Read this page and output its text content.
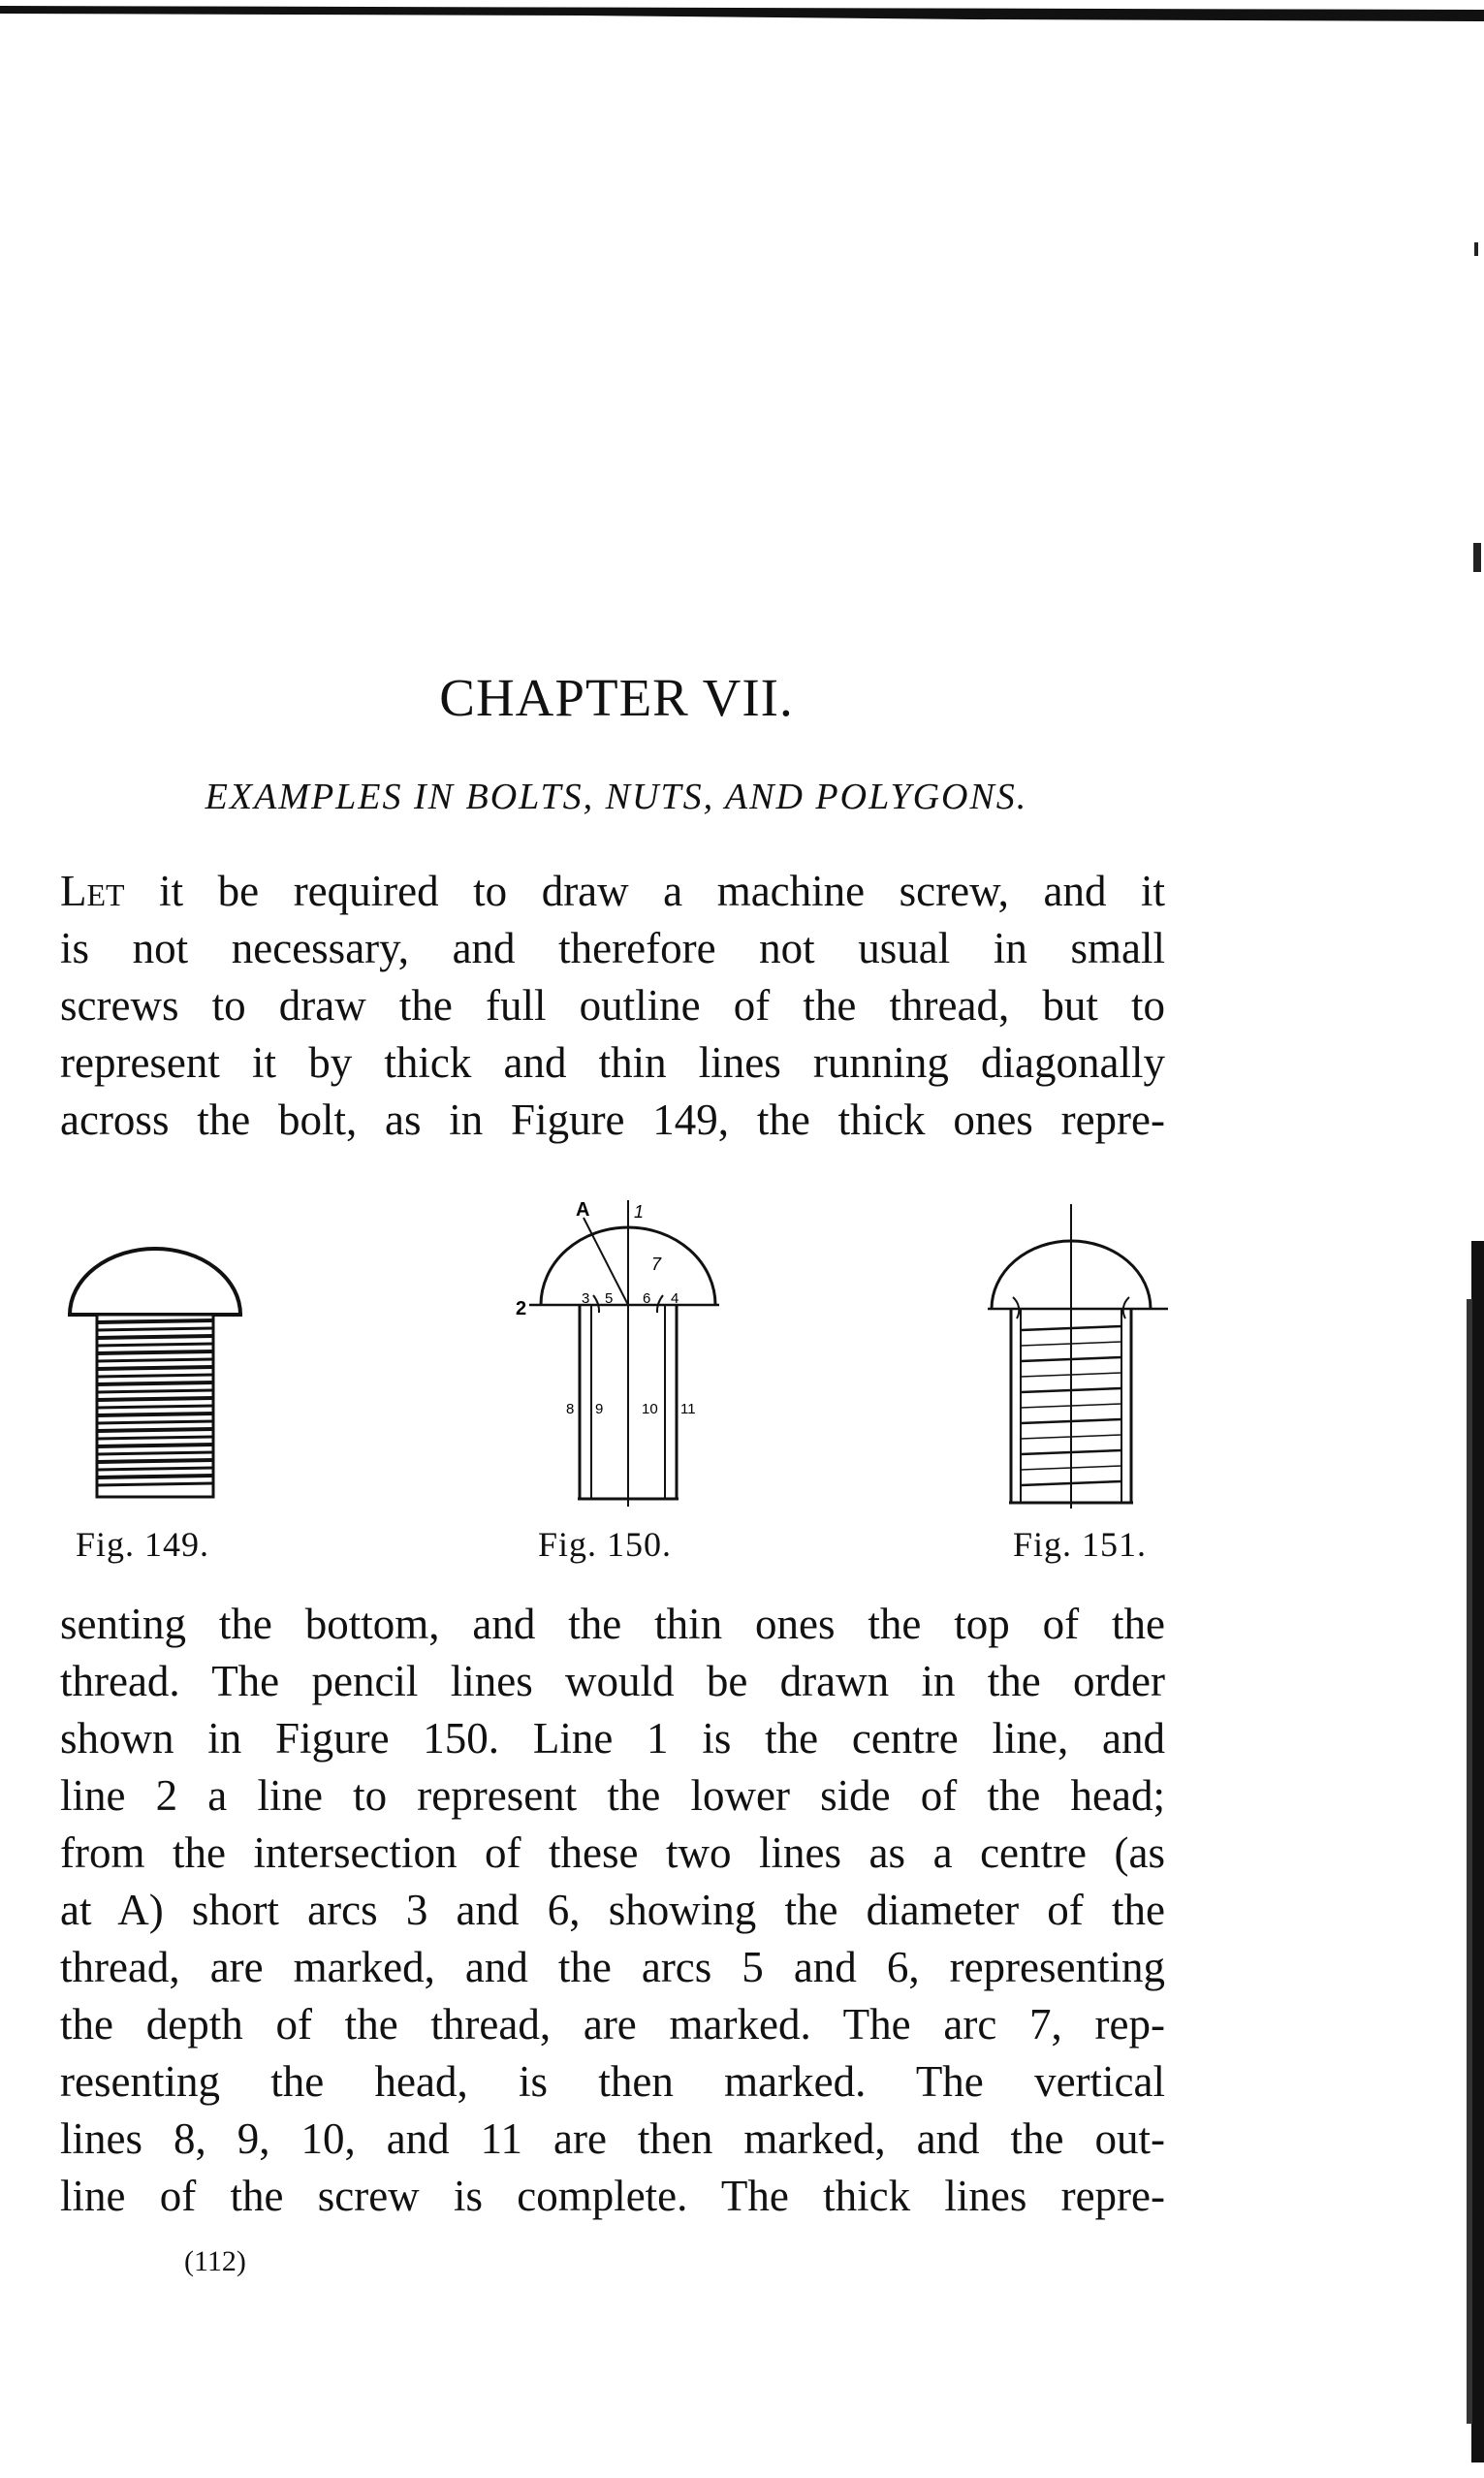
CHAPTER VII.
EXAMPLES IN BOLTS, NUTS, AND POLYGONS.
Let it be required to draw a machine screw, and it
is not necessary, and therefore not usual in small
screws to draw the full outline of the thread, but to
represent it by thick and thin lines running diagonally
across the bolt, as in Figure 149, the thick ones repre-
Fig. 149.
A	1
7
2	3 5 6 4
8 9	10 11
Fig. 150.	Fig. 151.
senting the bottom, and the thin ones the top of the
thread. The pencil lines would be drawn in the order
shown in Figure 150. Line 1 is the centre line, and
line 2 a line to represent the lower side of the head;
from the intersection of these two lines as a centre (as
at A) short arcs 3 and 6, showing the diameter of the
thread, are marked, and the arcs 5 and 6, representing
the depth of the thread, are marked. The arc 7, rep-
resenting the head, is then marked. The vertical
lines 8, 9, 10, and 11 are then marked, and the out-
line of the screw is complete. The thick lines repre-
(112)
